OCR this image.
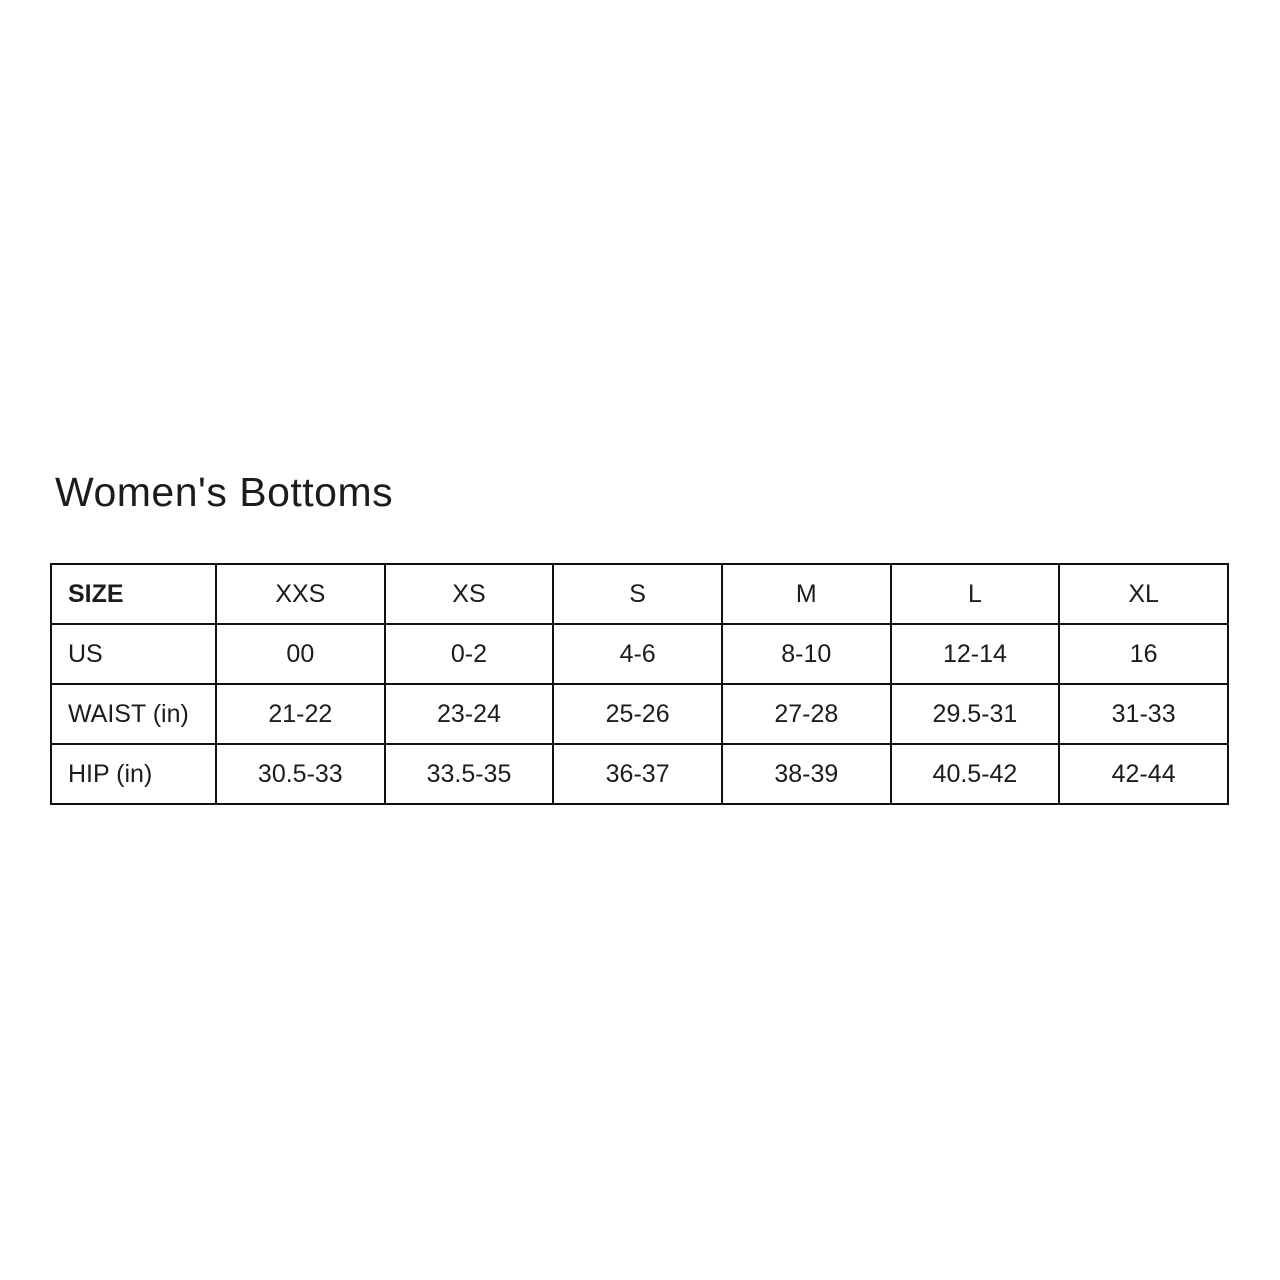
Women's Bottoms
SIZE	XXS	XS	S	M	L	XL
US	00	0-2	4-6	8-10	12-14	16
WAIST (in)	21-22	23-24	25-26	27-28	29.5-31	31-33
HIP (in)	30.5-33	33.5-35	36-37	38-39	40.5-42	42-44
